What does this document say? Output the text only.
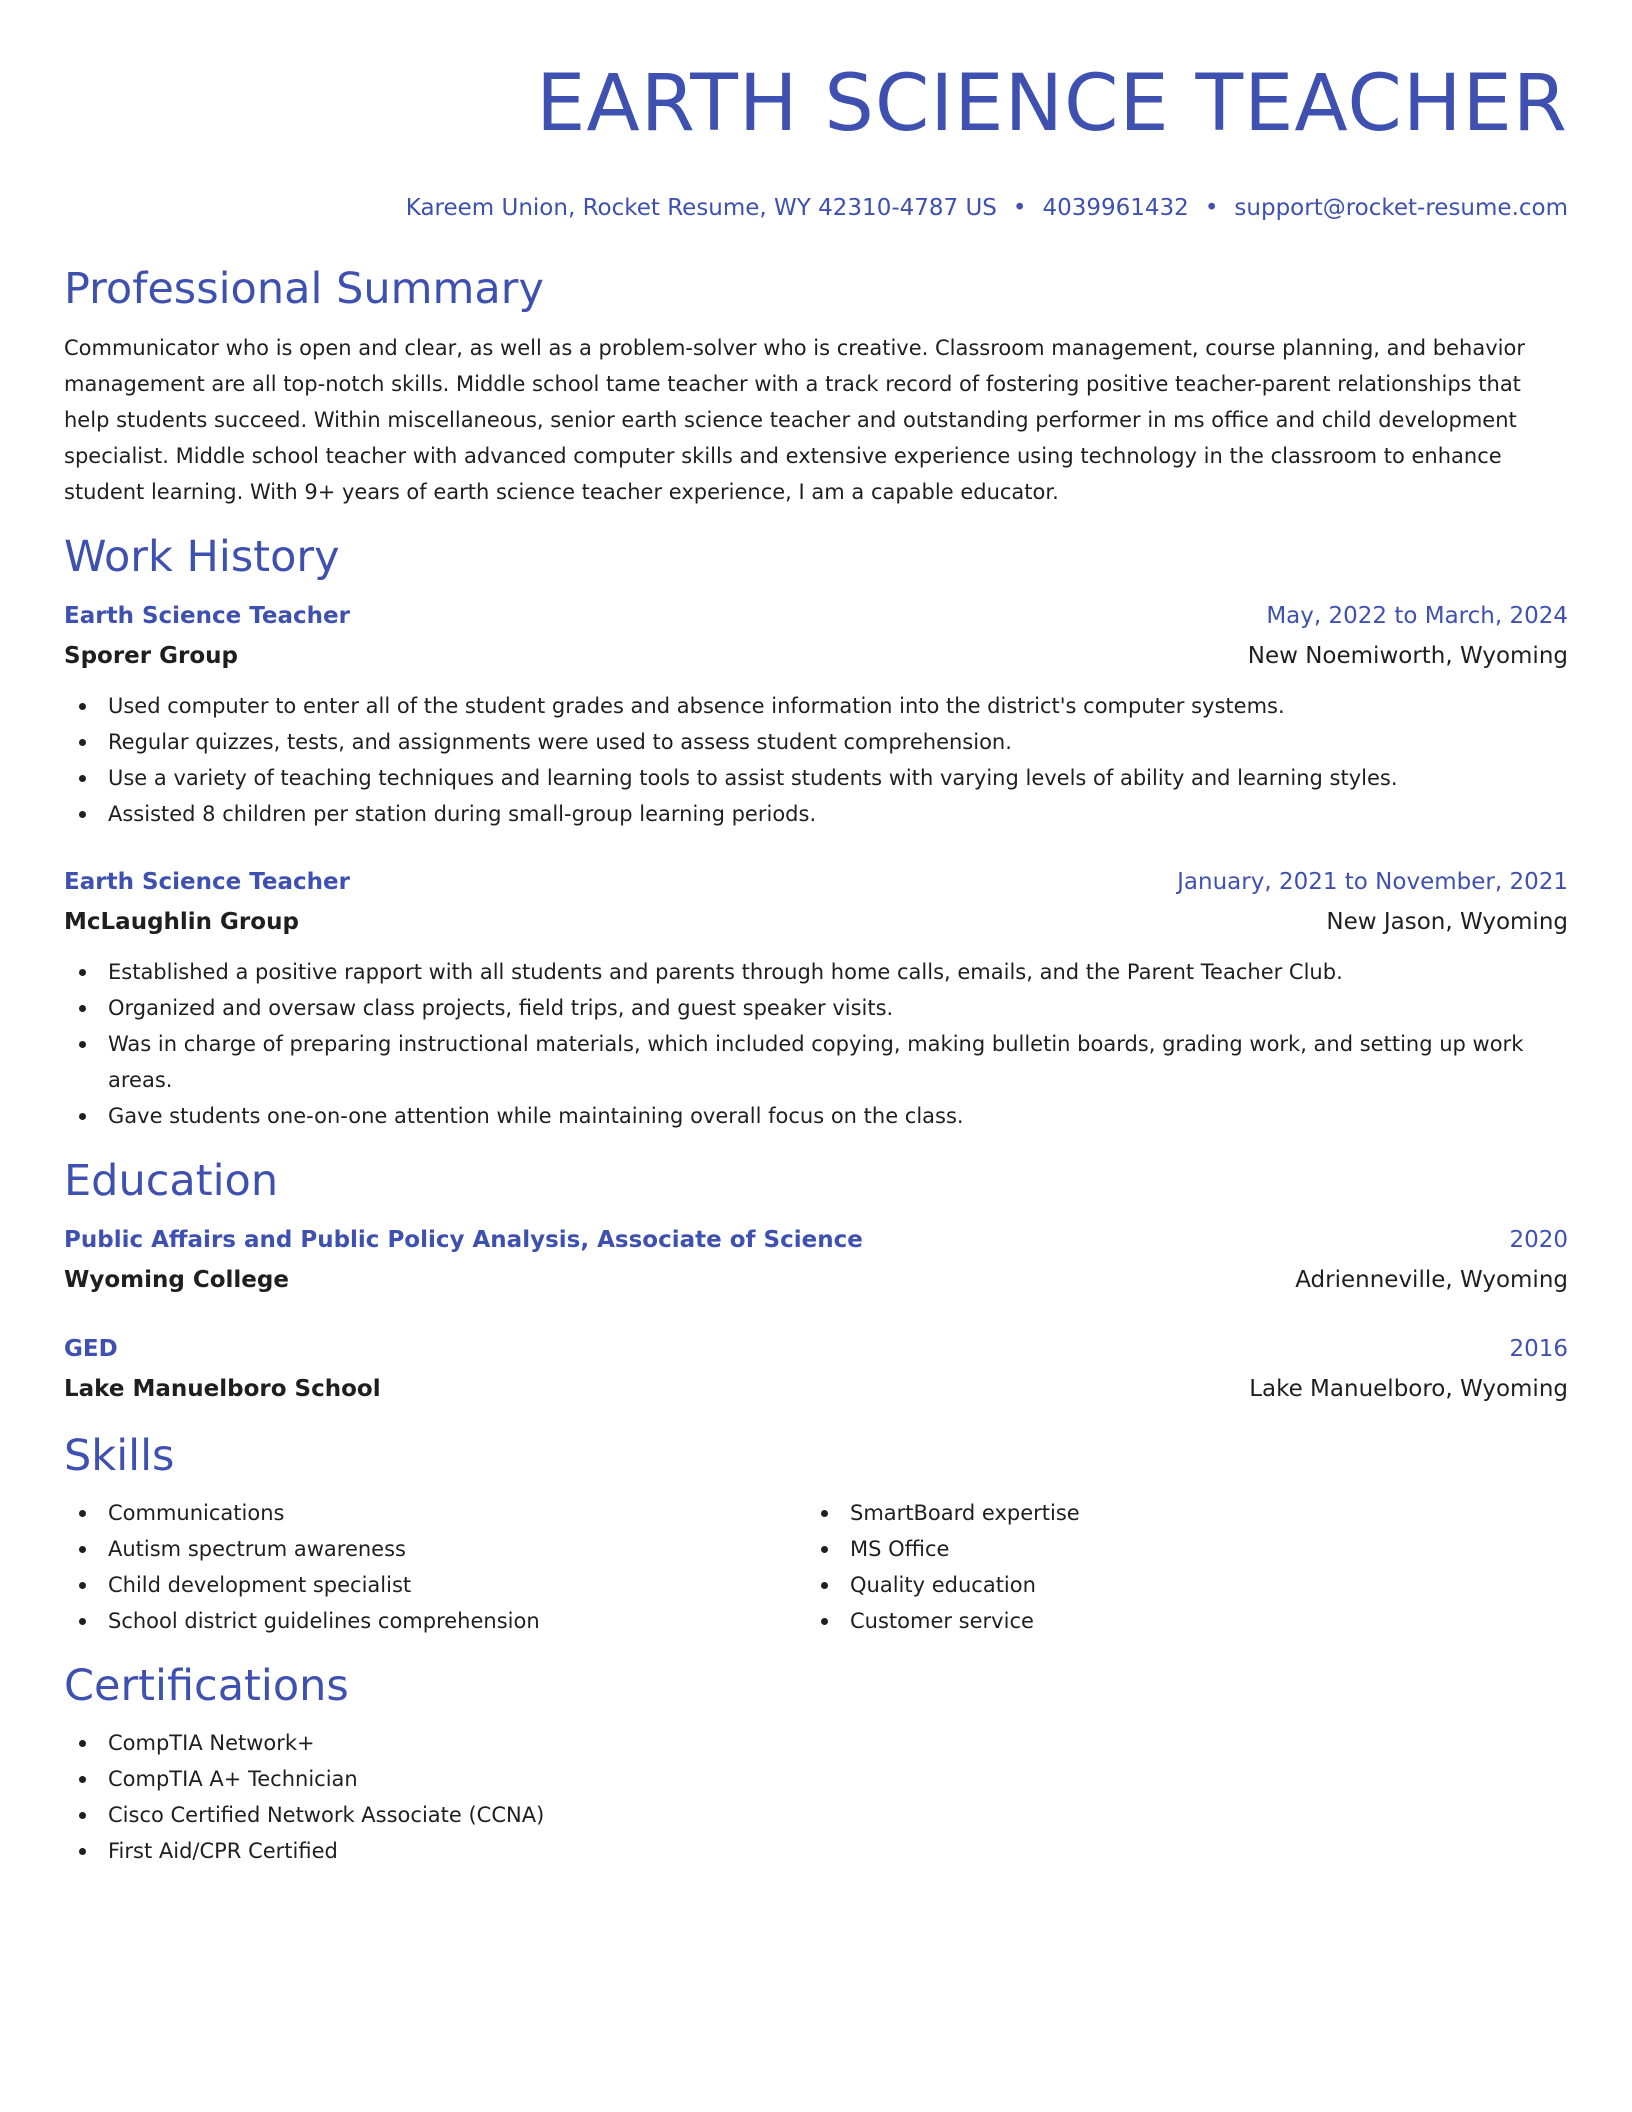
EARTH SCIENCE TEACHER
Kareem Union, Rocket Resume, WY 42310-4787 US • 4039961432 • support@rocket-resume.com
Professional Summary

Communicator who is open and clear, as well as a problem-solver who is creative. Classroom management, course planning, and behavior management are all top-notch skills. Middle school tame teacher with a track record of fostering positive teacher-parent relationships that help students succeed. Within miscellaneous, senior earth science teacher and outstanding performer in ms office and child development specialist. Middle school teacher with advanced computer skills and extensive experience using technology in the classroom to enhance student learning. With 9+ years of earth science teacher experience, I am a capable educator.

Work History
Earth Science Teacher	May, 2022 to March, 2024
Sporer Group	New Noemiworth, Wyoming
Used computer to enter all of the student grades and absence information into the district's computer systems.
Regular quizzes, tests, and assignments were used to assess student comprehension.
Use a variety of teaching techniques and learning tools to assist students with varying levels of ability and learning styles.
Assisted 8 children per station during small-group learning periods.
Earth Science Teacher	January, 2021 to November, 2021
McLaughlin Group	New Jason, Wyoming
Established a positive rapport with all students and parents through home calls, emails, and the Parent Teacher Club.
Organized and oversaw class projects, field trips, and guest speaker visits.
Was in charge of preparing instructional materials, which included copying, making bulletin boards, grading work, and setting up work areas.
Gave students one-on-one attention while maintaining overall focus on the class.
Education
Public Affairs and Public Policy Analysis, Associate of Science	2020
Wyoming College	Adrienneville, Wyoming
GED	2016
Lake Manuelboro School	Lake Manuelboro, Wyoming
Skills
Communications
Autism spectrum awareness
Child development specialist
School district guidelines comprehension
SmartBoard expertise
MS Office
Quality education
Customer service
Certifications
CompTIA Network+
CompTIA A+ Technician
Cisco Certified Network Associate (CCNA)
First Aid/CPR Certified
